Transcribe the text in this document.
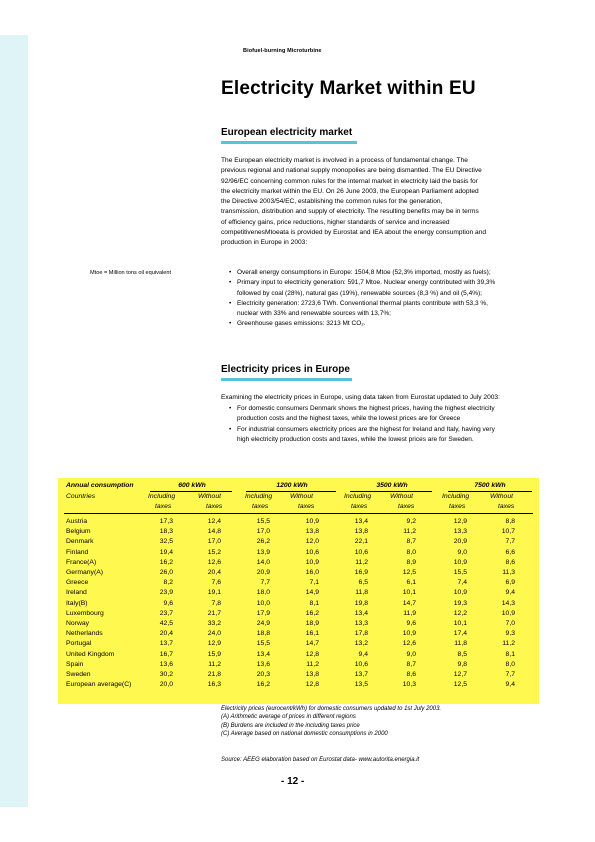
Biofuel-burning Microturbine
Electricity Market within EU
European electricity market
The European electricity market is involved in a process of fundamental change. The
previous regional and national supply monopolies are being dismantled. The EU Directive
92/96/EC concerning common rules for the internal market in electricity laid the basis for
the electricity market within the EU. On 26 June 2003, the European Parliament adopted
the Directive 2003/54/EC, establishing the common rules for the generation,
transmission, distribution and supply of electricity. The resulting benefits may be in terms
of efficiency gains, price reductions, higher standards of service and increased
competitivenesMtoeata is provided by Eurostat and IEA about the energy consumption and
production in Europe in 2003:
Mtoe = Million tons oil equivalent
•	Overall energy consumptions in Europe: 1504,8 Mtoe (52,3% imported, mostly as fuels);
• Primary input to electricity generation: 591,7 Mtoe. Nuclear energy contributed with 39,3%
followed by coal (28%), natural gas (19%), renewable sources (8,3 %) and oil (5,4%);
• Electricity generation: 2723,6 TWh. Conventional thermal plants contribute with 53,3 %,
nuclear with 33% and renewable sources with 13,7%;
• Greenhouse gases emissions: 3213 Mt CO₂.
Electricity prices in Europe
Examining the electricity prices in Europe, using data taken from Eurostat updated to July 2003:
• For domestic consumers Denmark shows the highest prices, having the highest electricity
production costs and the highest taxes, while the lowest prices are for Greece
• For industrial consumers electricity prices are the highest for Ireland and Italy, having very
high electricity production costs and taxes, while the lowest prices are for Sweden.
Annual consumption	600 kWh	1200 kWh	3500 kWh	7500 kWh
Countries	Including	Without
taxes	taxes
Including	Without
taxes	taxes
Including	Without
taxes	taxes
Including	Without
taxes	taxes
Austria	17,3	12,4	15,5	10,9	13,4	9,2	12,9	8,8
Belgium	18,3	14,8	17,0	13,8	13,8	11,2	13,3	10,7
Denmark	32,5	17,0	26,2	12,0	22,1	8,7	20,9	7,7
Finland	19,4	15,2	13,9	10,6	10,6	8,0	9,0	6,6
France(A)	16,2	12,6	14,0	10,9	11,2	8,9	10,9	8,6
Germany(A)	26,0	20,4	20,9	16,0	16,9	12,5	15,5	11,3
Greece	8,2	7,6	7,7	7,1	6,5	6,1	7,4	6,9
Ireland	23,9	19,1	18,0	14,9	11,8	10,1	10,9	9,4
Italy(B)	9,6	7,8	10,0	8,1	19,8	14,7	19,3	14,3
Luxembourg	23,7	21,7	17,9	16,2	13,4	11,9	12,2	10,9
Norway	42,5	33,2	24,9	18,9	13,3	9,6	10,1	7,0
Netherlands	20,4	24,0	18,8	16,1	17,8	10,9	17,4	9,3
Portugal	13,7	12,9	15,5	14,7	13,2	12,6	11,8	11,2
United Kingdom	16,7	15,9	13,4	12,8	9,4	9,0	8,5	8,1
Spain	13,6	11,2	13,6	11,2	10,6	8,7	9,8	8,0
Sweden	30,2	21,8	20,3	13,8	13,7	8,6	12,7	7,7
European average(C)	20,0	16,3	16,2	12,8	13,5	10,3	12,5	9,4
Electricity prices (eurocent/kWh) for domestic consumers updated to 1st July 2003.
(A) Arithmetic average of prices in different regions
(B) Burdens are included in the including taxes price
(C) Average based on national domestic consumptions in 2000
Source: AEEG elaboration based on Eurostat data- www.autorita.energia.it
- 12 -
